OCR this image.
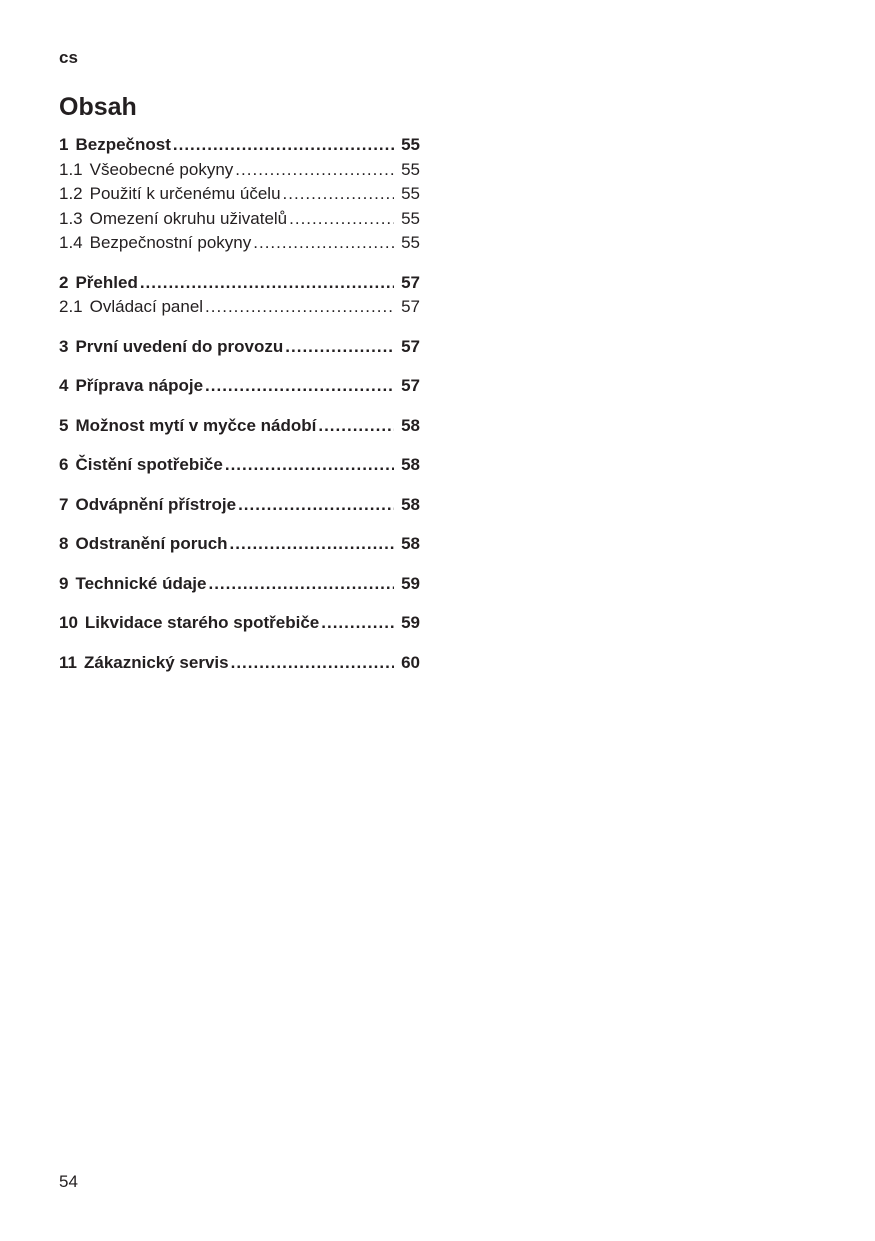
cs
Obsah
1 Bezpečnost .....	55
1.1 Všeobecné pokyny .....	55
1.2 Použití k určenému účelu .....	55
1.3 Omezení okruhu uživatelů .....	55
1.4 Bezpečnostní pokyny .....	55
2 Přehled .....	57
2.1 Ovládací panel .....	57
3 První uvedení do provozu .....	57
4 Příprava nápoje .....	57
5 Možnost mytí v myčce nádobí .....	58
6 Čistění spotřebiče .....	58
7 Odvápnění přístroje .....	58
8 Odstranění poruch .....	58
9 Technické údaje .....	59
10 Likvidace starého spotřebiče .....	59
11 Zákaznický servis .....	60
54
